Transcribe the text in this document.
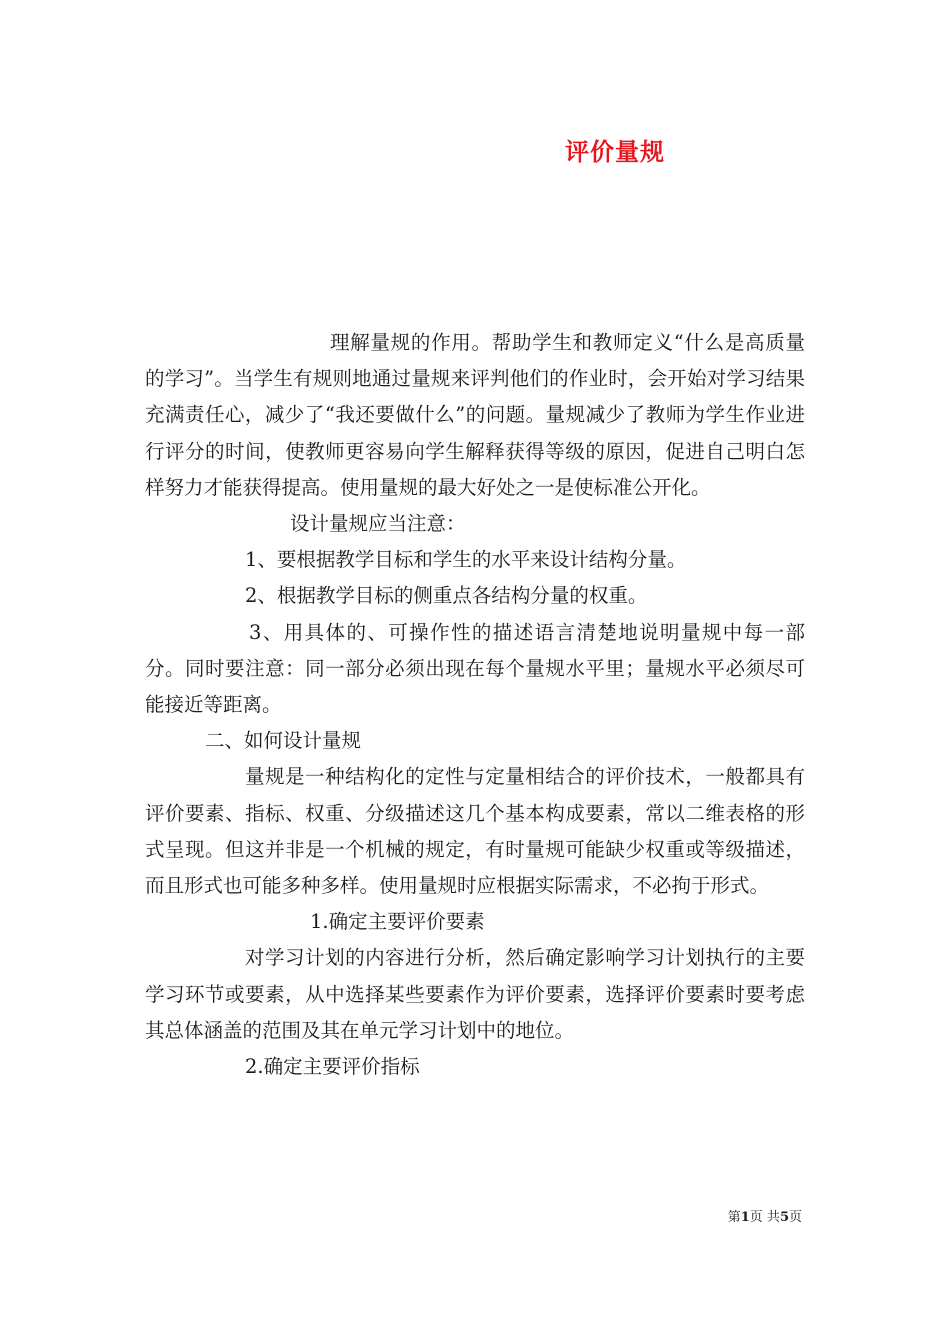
评价量规

理解量规的作用。帮助学生和教师定义“什么是高质量的学习”。当学生有规则地通过量规来评判他们的作业时，会开始对学习结果充满责任心，减少了“我还要做什么”的问题。量规减少了教师为学生作业进行评分的时间，使教师更容易向学生解释获得等级的原因，促进自己明白怎样努力才能获得提高。使用量规的最大好处之一是使标准公开化。

设计量规应当注意：

1、要根据教学目标和学生的水平来设计结构分量。

2、根据教学目标的侧重点各结构分量的权重。

3、用具体的、可操作性的描述语言清楚地说明量规中每一部分。同时要注意：同一部分必须出现在每个量规水平里；量规水平必须尽可能接近等距离。

二、如何设计量规

量规是一种结构化的定性与定量相结合的评价技术，一般都具有评价要素、指标、权重、分级描述这几个基本构成要素，常以二维表格的形式呈现。但这并非是一个机械的规定，有时量规可能缺少权重或等级描述，而且形式也可能多种多样。使用量规时应根据实际需求，不必拘于形式。

1.确定主要评价要素

对学习计划的内容进行分析，然后确定影响学习计划执行的主要学习环节或要素，从中选择某些要素作为评价要素，选择评价要素时要考虑其总体涵盖的范围及其在单元学习计划中的地位。

2.确定主要评价指标

第1页 共5页
